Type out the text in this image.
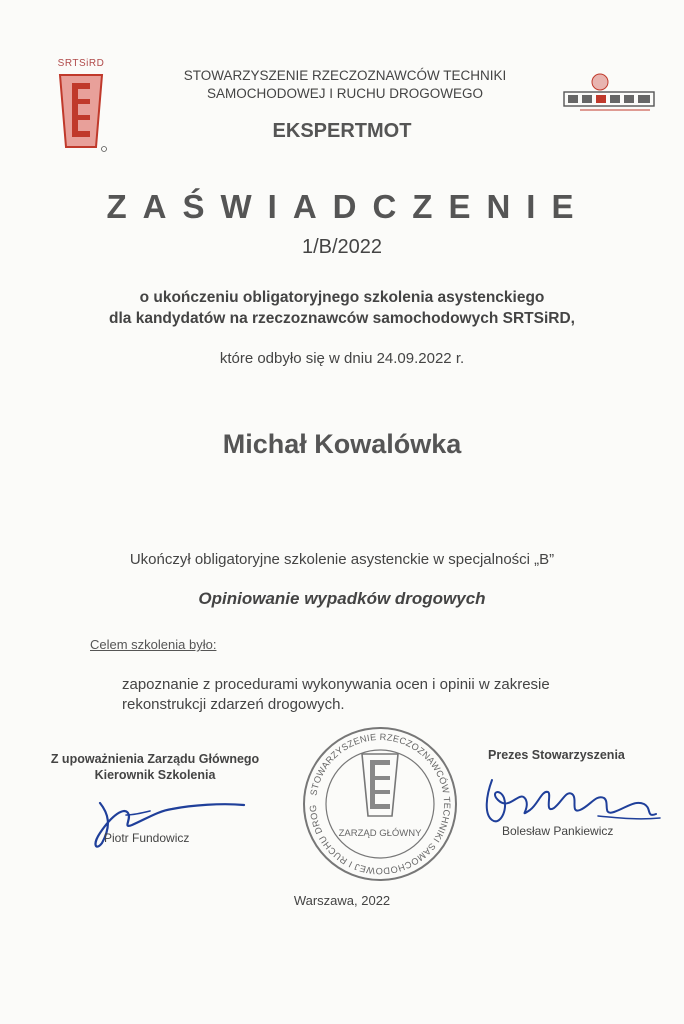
SRTSiRD
STOWARZYSZENIE RZECZOZNAWCÓW TECHNIKI
SAMOCHODOWEJ I RUCHU DROGOWEGO
EKSPERTMOT
ZAŚWIADCZENIE
1/B/2022
o ukończeniu obligatoryjnego szkolenia asystenckiego
dla kandydatów na rzeczoznawców samochodowych SRTSiRD,
które odbyło się w dniu 24.09.2022 r.
Michał Kowalówka
Ukończył obligatoryjne szkolenie asystenckie w specjalności „B”
Opiniowanie wypadków drogowych
Celem szkolenia było:
zapoznanie z procedurami wykonywania ocen i opinii w zakresie
rekonstrukcji zdarzeń drogowych.
Z upoważnienia Zarządu Głównego
Kierownik Szkolenia
Piotr Fundowicz
STOWARZYSZENIE RZECZOZNAWCÓW TECHNIKI SAMOCHODOWEJ I RUCHU DROG
ZARZĄD GŁÓWNY
Prezes Stowarzyszenia
Bolesław Pankiewicz
Warszawa, 2022
